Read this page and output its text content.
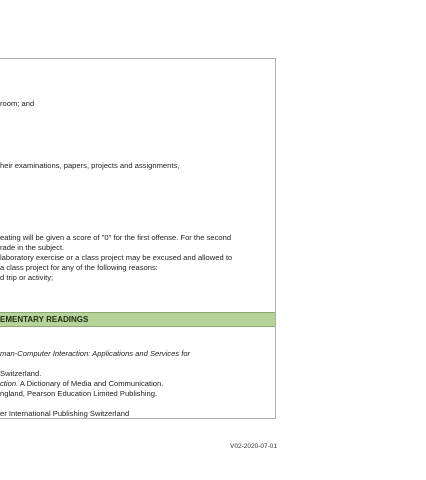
room; and
heir examinations, papers, projects and assignments,
eating will be given a score of "0" for the first offense. For the second
rade in the subject.
laboratory exercise or a class project may be excused and allowed to
a class project for any of the following reasons:
d trip or activity;
EMENTARY READINGS
man-Computer Interaction: Applications and Services for
Switzerland.
ction. A Dictionary of Media and Communication.
ngland, Pearson Education Limited Publishing.
er International Publishing Switzerland
V02-2020-07-01
